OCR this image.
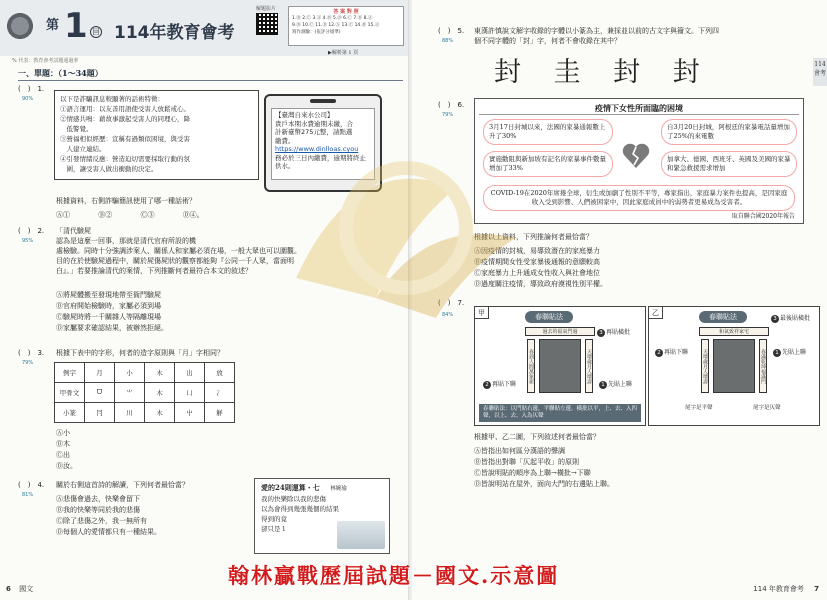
第 1 回 114年教育會考
解題影片	答 案 對 照
1.Ⓑ 2.Ⓒ 3.Ⓐ 4.Ⓑ 5.Ⓓ 6.Ⓒ 7.Ⓓ 8.Ⓐ
9.Ⓑ 10.Ⓒ 11.Ⓓ 12.Ⓐ 13.Ⓒ 14.Ⓑ 15.Ⓐ
寫作測驗：(依評分規準)
▶解析第 1 頁
% 代表：教育會考試題通過率
一、單題：（1～34題）
(　)　1.
90%	以下是詐騙訊息較顯著的話術特徵：
①語言運用：以友善用語使受害人放鬆戒心。
②情感共鳴：藉故事激起受害人的同理心，降
　低警覺。
③營福相似經歷：宣稱有過類似困境，與受害
　人建立連結。
④引發情緒反應：營造迫切需要採取行動的氛
　圍，讓受害人做出衝動的決定。
【臺灣自來水公司】
貴戶本期水費逾期未繳，合
計新臺幣275元整，請點選
繳費。
https://www.dinlloas.cyou
務必於三日內繳費，逾期將終止供水。
根據資料，右側詐騙簡訊使用了哪一種話術？
Ⓐ①	Ⓑ②	Ⓒ③	Ⓓ④。
(　)　2.
95%
「清代驗屍
認為是這麼一回事，那就是清代官府所設的機
處檢驗。同時十分強調涉案人、關係人和家屬必須在場，一般大眾也可以圍觀。
目的在於使驗屍過程中，關於屍傷屍狀的觀察都能夠『公同一千人眾，當面明
白』。」若要推論清代的案情，下列推斷何者最符合本文的敘述？
Ⓐ將屍體搬至發現地帶至衙門驗屍
Ⓑ官府開始檢驗時，家屬必須到場
Ⓒ驗屍時將一千關雜人等隔離現場
Ⓓ家屬要求確認結果，被辦然拒絕。
(　)　3.
79%
根據下表中的字形，何者的造字原則與「月」字相同？
例字	月	小	木	出	放
甲骨文	ᗜ	⺌	木	凵	冫
小篆	冃	川	木	屮	觧
Ⓐ小
Ⓑ木
Ⓒ出
Ⓓ汝。
(　)　4.
81%
關於右側這首詩的解讀，下列何者最恰當？
Ⓐ悲傷會過去，快樂會留下
Ⓑ我的快樂等同於我的悲傷
Ⓒ除了悲傷之外，我一無所有
Ⓓ每個人的愛情都只有一種結果。
愛的24則運算・七 林婉瑜
我的快樂除以我的悲傷
以為會得到幾張幾個的結果
得到的竟
卻只是１
6 國文
114
會考
(　)　5.
88%
東漢許慎說文解字收錄的字體以小篆為主，兼採並以前的古文字與籀文。下列四
個不同字體的「封」字，何者不會收錄在其中？
封 圭 封 封
(　)　6.
79%
疫情下女性所面臨的困境
3月17日封城以來，法國的家暴通報數上升了30%
自3月20日封城，阿根廷的家暴電話量增加了25%的來電數
實施勸阻與新加坡有記名的家暴事件數量增加了33%
加拿大、德國、西班牙、英國及美國的家暴和緊急救援需求增加
COVID-19在2020年席捲全球，衍生或加劇了性別不平等，專家指出，家庭暴力案件也提高，是因家庭收入受到影響、人們被困家中，因此家庭成員中的弱勢者更易成為受害者。
取自聯合國2020年報告
根據以上資料，下列推論何者最恰當？
Ⓐ因疫情的封城，易導致潛在的家庭暴力
Ⓑ疫情期間女性受家暴後通報的意願較高
Ⓒ家庭暴力上升通成女性收入與社會地位
Ⓓ過度關注疫情，導致政府漠視性別平權。
(　)　7.
84%	甲	春聯貼法
過去的福氣門過	3 再貼橫批
春到人間萬象新	天增歲月人增壽
2 再貼下聯	1 先貼上聯
春聯貼法：以門貼右邊，平聯貼左邊，橫批以平，上、去、入四聲，以上、去、入為仄聲
乙	春聯貼法	3 最後貼橫批
和氣致祥家宅
天增歲月人增壽	春滿乾坤福滿門
2 再貼下聯	1 先貼上聯
尾字是平聲	尾字是仄聲
根據甲、乙二圖，下列敘述何者最恰當？
Ⓐ皆指出如何區分漢語的聲調
Ⓑ皆指出對聯「仄起平收」的原則
Ⓒ皆說明貼的順序為上聯→橫批→下聯
Ⓓ皆說明站在屋外，面向大門的右邊貼上聯。
114 年教育會考 7
翰林贏戰歷屆試題－國文.示意圖
